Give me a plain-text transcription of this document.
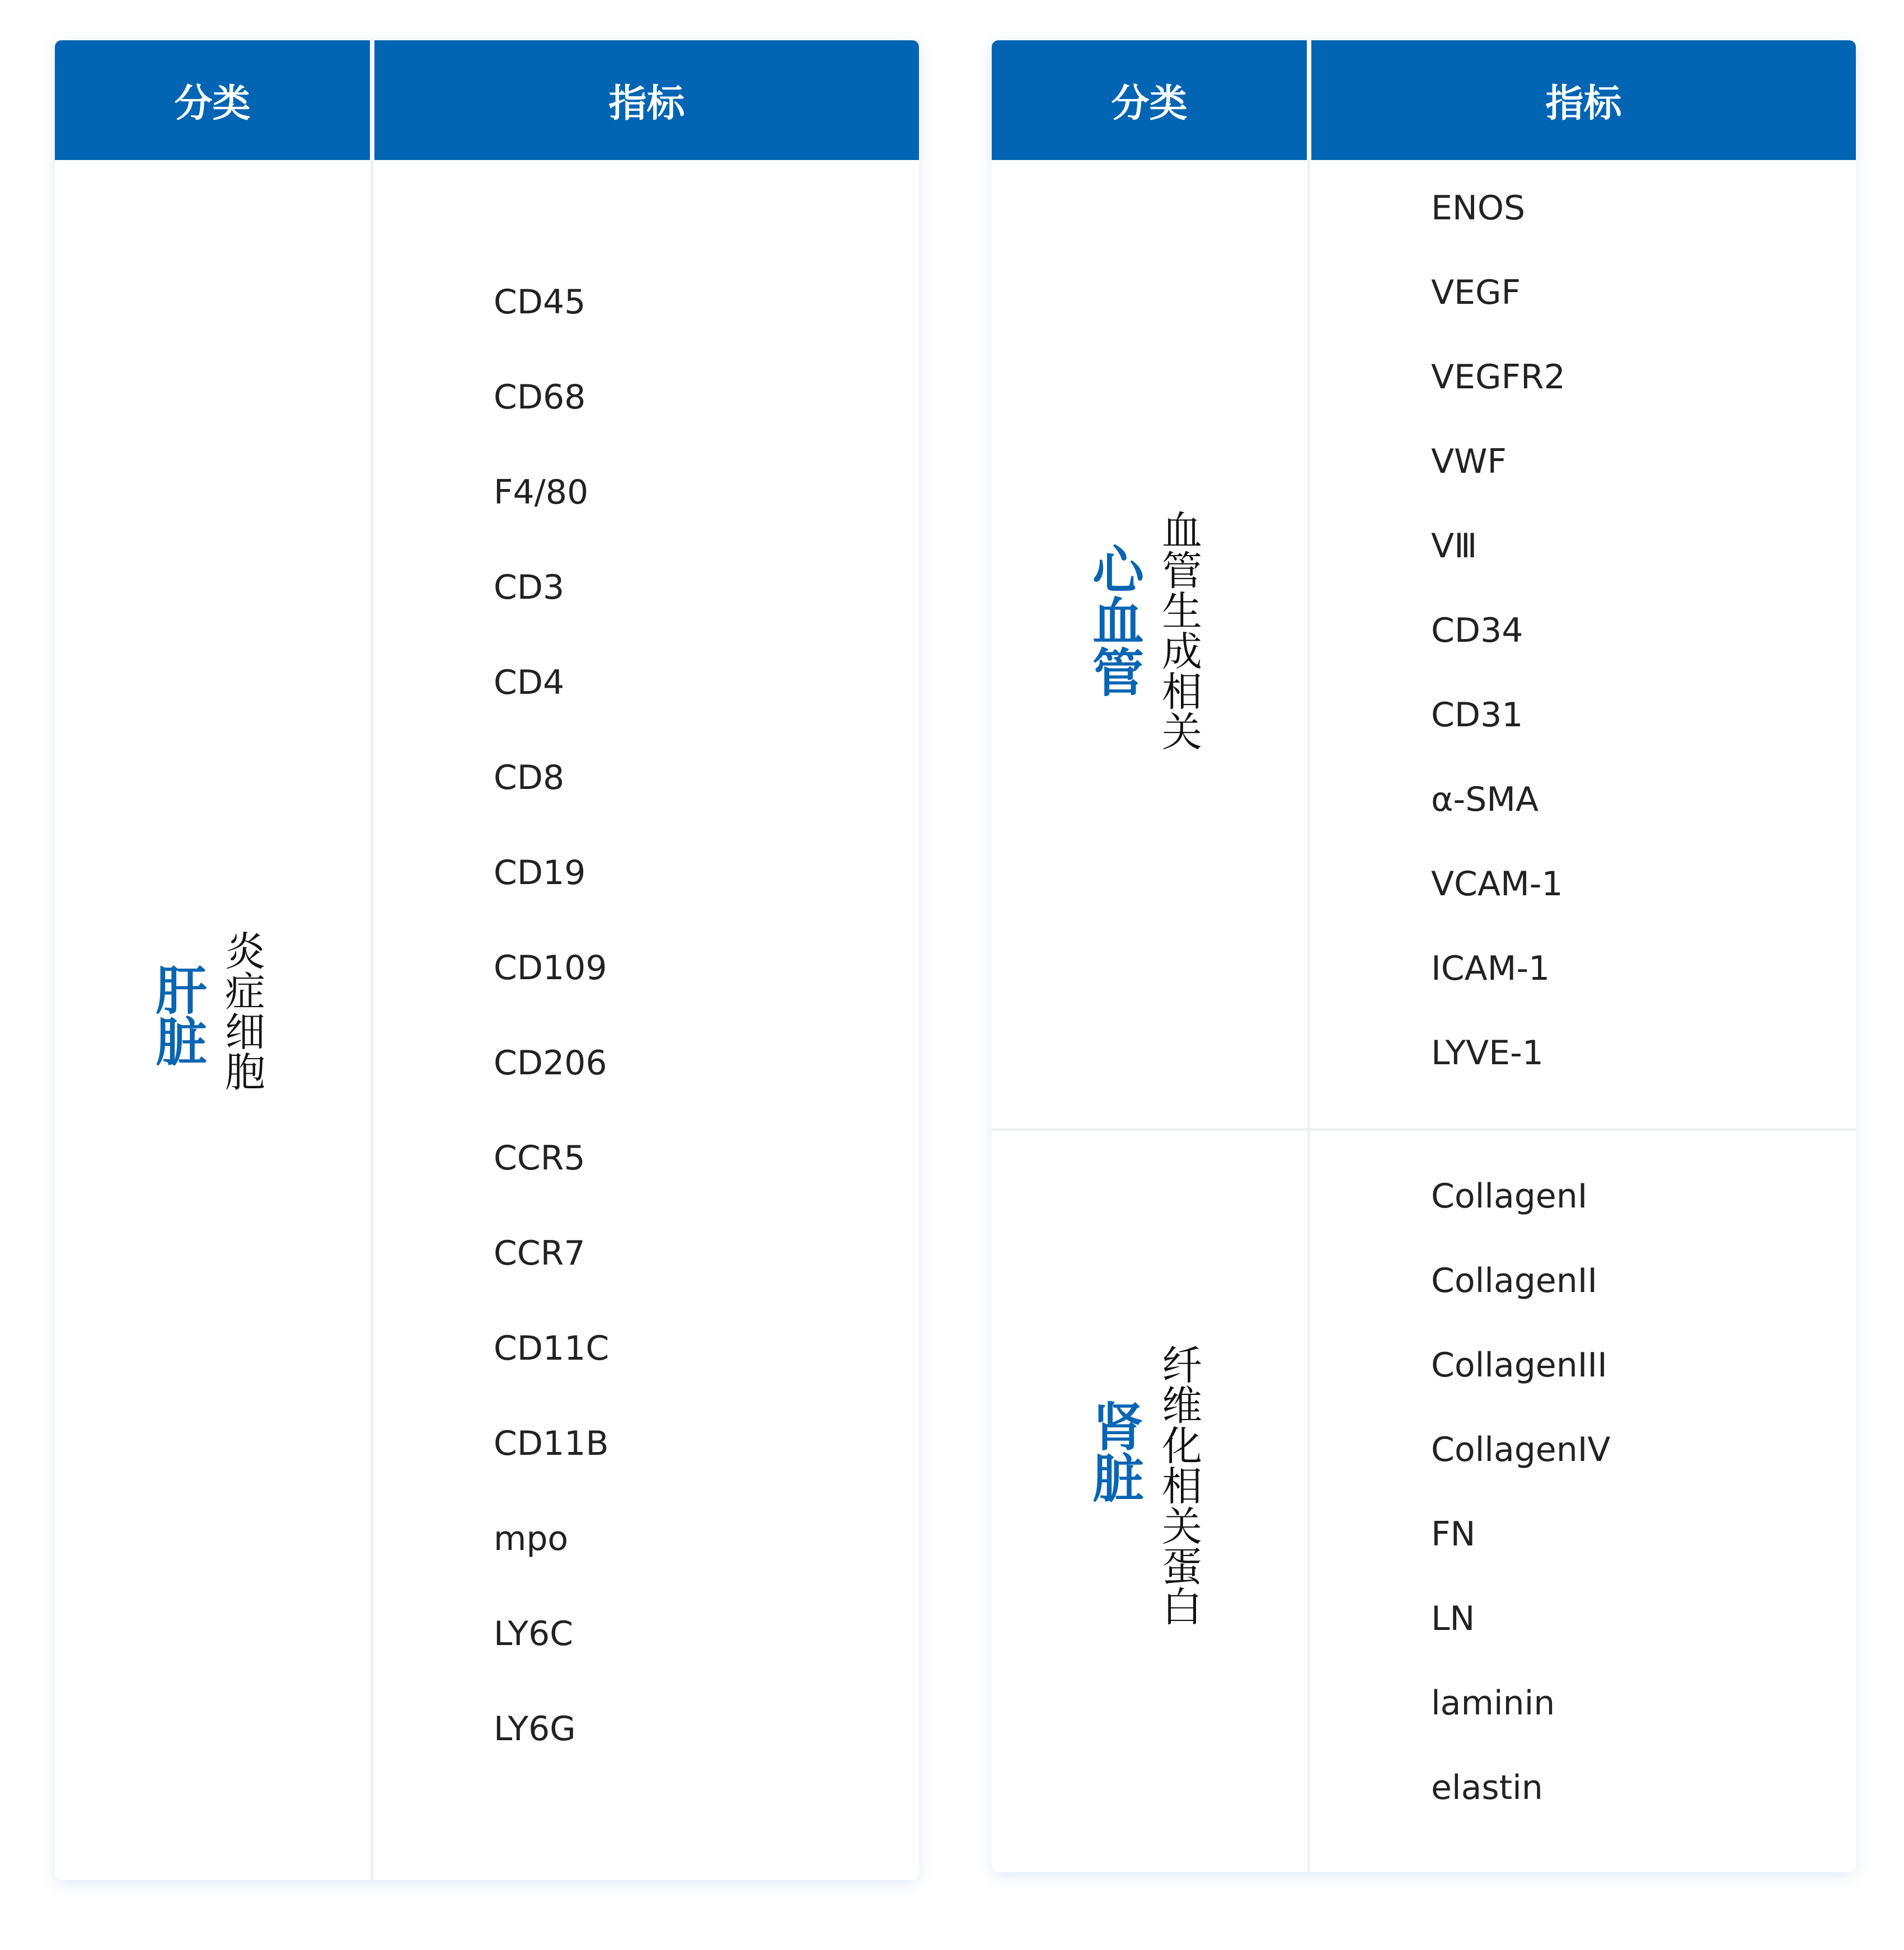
分类	指标
肝脏 炎症细胞
CD45
CD68
F4/80
CD3
CD4
CD8
CD19
CD109
CD206
CCR5
CCR7
CD11C
CD11B
mpo
LY6C
LY6G
分类	指标
心血管 血管生成相关
ENOS
VEGF
VEGFR2
VWF
VⅢ
CD34
CD31
α-SMA
VCAM-1
ICAM-1
LYVE-1
肾脏 纤维化相关蛋白
CollagenI
CollagenII
CollagenIII
CollagenIV
FN
LN
laminin
elastin
